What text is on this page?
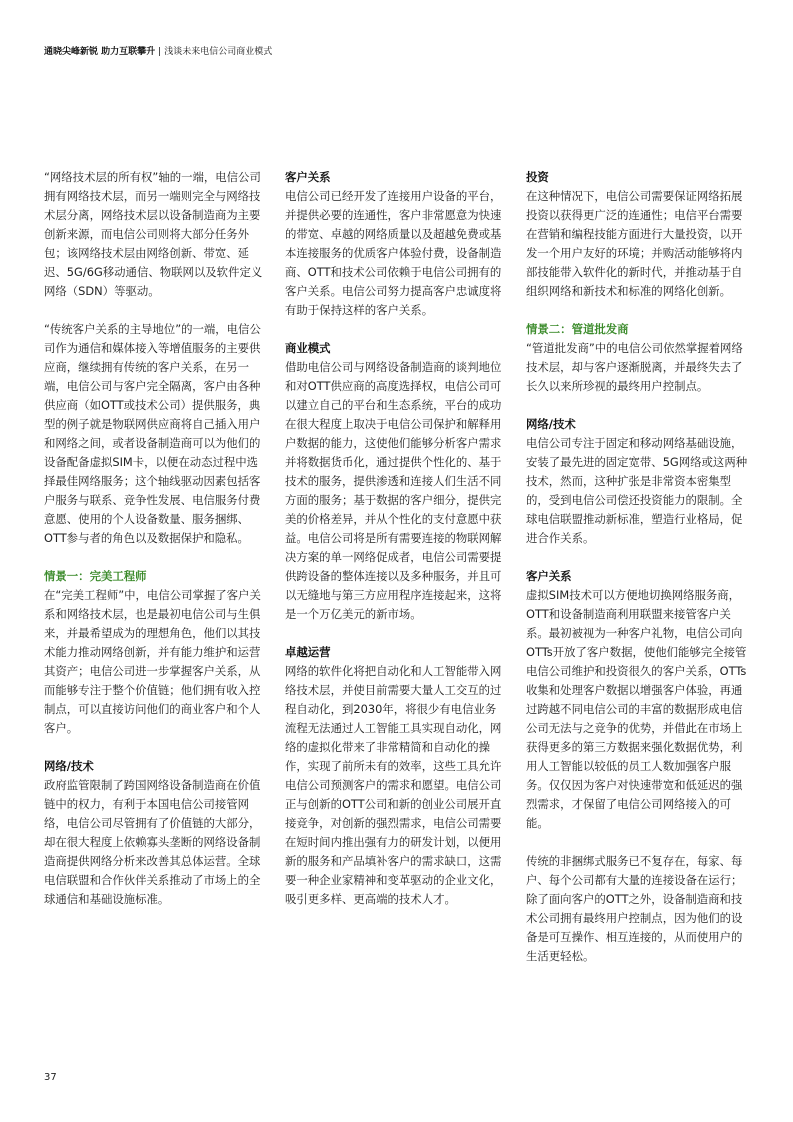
通晓尖峰新锐 助力互联攀升 | 浅谈未来电信公司商业模式

“网络技术层的所有权”轴的一端，电信公司拥有网络技术层，而另一端则完全与网络技术层分离，网络技术层以设备制造商为主要创新来源，而电信公司则将大部分任务外包；该网络技术层由网络创新、带宽、延迟、5G/6G移动通信、物联网以及软件定义网络（SDN）等驱动。

“传统客户关系的主导地位”的一端，电信公司作为通信和媒体接入等增值服务的主要供应商，继续拥有传统的客户关系，在另一端，电信公司与客户完全隔离，客户由各种供应商（如OTT或技术公司）提供服务，典型的例子就是物联网供应商将自己插入用户和网络之间，或者设备制造商可以为他们的设备配备虚拟SIM卡，以便在动态过程中选择最佳网络服务；这个轴线驱动因素包括客户服务与联系、竞争性发展、电信服务付费意愿、使用的个人设备数量、服务捆绑、OTT参与者的角色以及数据保护和隐私。

情景一：完美工程师

在“完美工程师”中，电信公司掌握了客户关系和网络技术层，也是最初电信公司与生俱来，并最希望成为的理想角色，他们以其技术能力推动网络创新，并有能力维护和运营其资产；电信公司进一步掌握客户关系，从而能够专注于整个价值链；他们拥有收入控制点，可以直接访问他们的商业客户和个人客户。

网络/技术

政府监管限制了跨国网络设备制造商在价值链中的权力，有利于本国电信公司接管网络，电信公司尽管拥有了价值链的大部分，却在很大程度上依赖寡头垄断的网络设备制造商提供网络分析来改善其总体运营。全球电信联盟和合作伙伴关系推动了市场上的全球通信和基础设施标准。

客户关系

电信公司已经开发了连接用户设备的平台，并提供必要的连通性，客户非常愿意为快速的带宽、卓越的网络质量以及超越免费或基本连接服务的优质客户体验付费，设备制造商、OTT和技术公司依赖于电信公司拥有的客户关系。电信公司努力提高客户忠诚度将有助于保持这样的客户关系。

商业模式

借助电信公司与网络设备制造商的谈判地位和对OTT供应商的高度选择权，电信公司可以建立自己的平台和生态系统，平台的成功在很大程度上取决于电信公司保护和解释用户数据的能力，这使他们能够分析客户需求并将数据货币化，通过提供个性化的、基于技术的服务，提供渗透和连接人们生活不同方面的服务；基于数据的客户细分，提供完美的价格差异，并从个性化的支付意愿中获益。电信公司将是所有需要连接的物联网解决方案的单一网络促成者，电信公司需要提供跨设备的整体连接以及多种服务，并且可以无缝地与第三方应用程序连接起来，这将是一个万亿美元的新市场。

卓越运营

网络的软件化将把自动化和人工智能带入网络技术层，并使目前需要大量人工交互的过程自动化，到2030年，将很少有电信业务流程无法通过人工智能工具实现自动化，网络的虚拟化带来了非常精简和自动化的操作，实现了前所未有的效率，这些工具允许电信公司预测客户的需求和愿望。电信公司正与创新的OTT公司和新的创业公司展开直接竞争，对创新的强烈需求，电信公司需要在短时间内推出强有力的研发计划，以便用新的服务和产品填补客户的需求缺口，这需要一种企业家精神和变革驱动的企业文化，吸引更多样、更高端的技术人才。

投资

在这种情况下，电信公司需要保证网络拓展投资以获得更广泛的连通性；电信平台需要在营销和编程技能方面进行大量投资，以开发一个用户友好的环境；并购活动能够将内部技能带入软件化的新时代，并推动基于自组织网络和新技术和标准的网络化创新。

情景二：管道批发商

“管道批发商”中的电信公司依然掌握着网络技术层，却与客户逐渐脱离，并最终失去了长久以来所珍视的最终用户控制点。

网络/技术

电信公司专注于固定和移动网络基础设施，安装了最先进的固定宽带、5G网络或这两种技术，然而，这种扩张是非常资本密集型的，受到电信公司偿还投资能力的限制。全球电信联盟推动新标准，塑造行业格局，促进合作关系。

客户关系

虚拟SIM技术可以方便地切换网络服务商，OTT和设备制造商利用联盟来接管客户关系。最初被视为一种客户礼物，电信公司向OTTs开放了客户数据，使他们能够完全接管电信公司维护和投资很久的客户关系，OTTs收集和处理客户数据以增强客户体验，再通过跨越不同电信公司的丰富的数据形成电信公司无法与之竞争的优势，并借此在市场上获得更多的第三方数据来强化数据优势，利用人工智能以较低的员工人数加强客户服务。仅仅因为客户对快速带宽和低延迟的强烈需求，才保留了电信公司网络接入的可能。

传统的非捆绑式服务已不复存在，每家、每户、每个公司都有大量的连接设备在运行；除了面向客户的OTT之外，设备制造商和技术公司拥有最终用户控制点，因为他们的设备是可互操作、相互连接的，从而使用户的生活更轻松。

37
